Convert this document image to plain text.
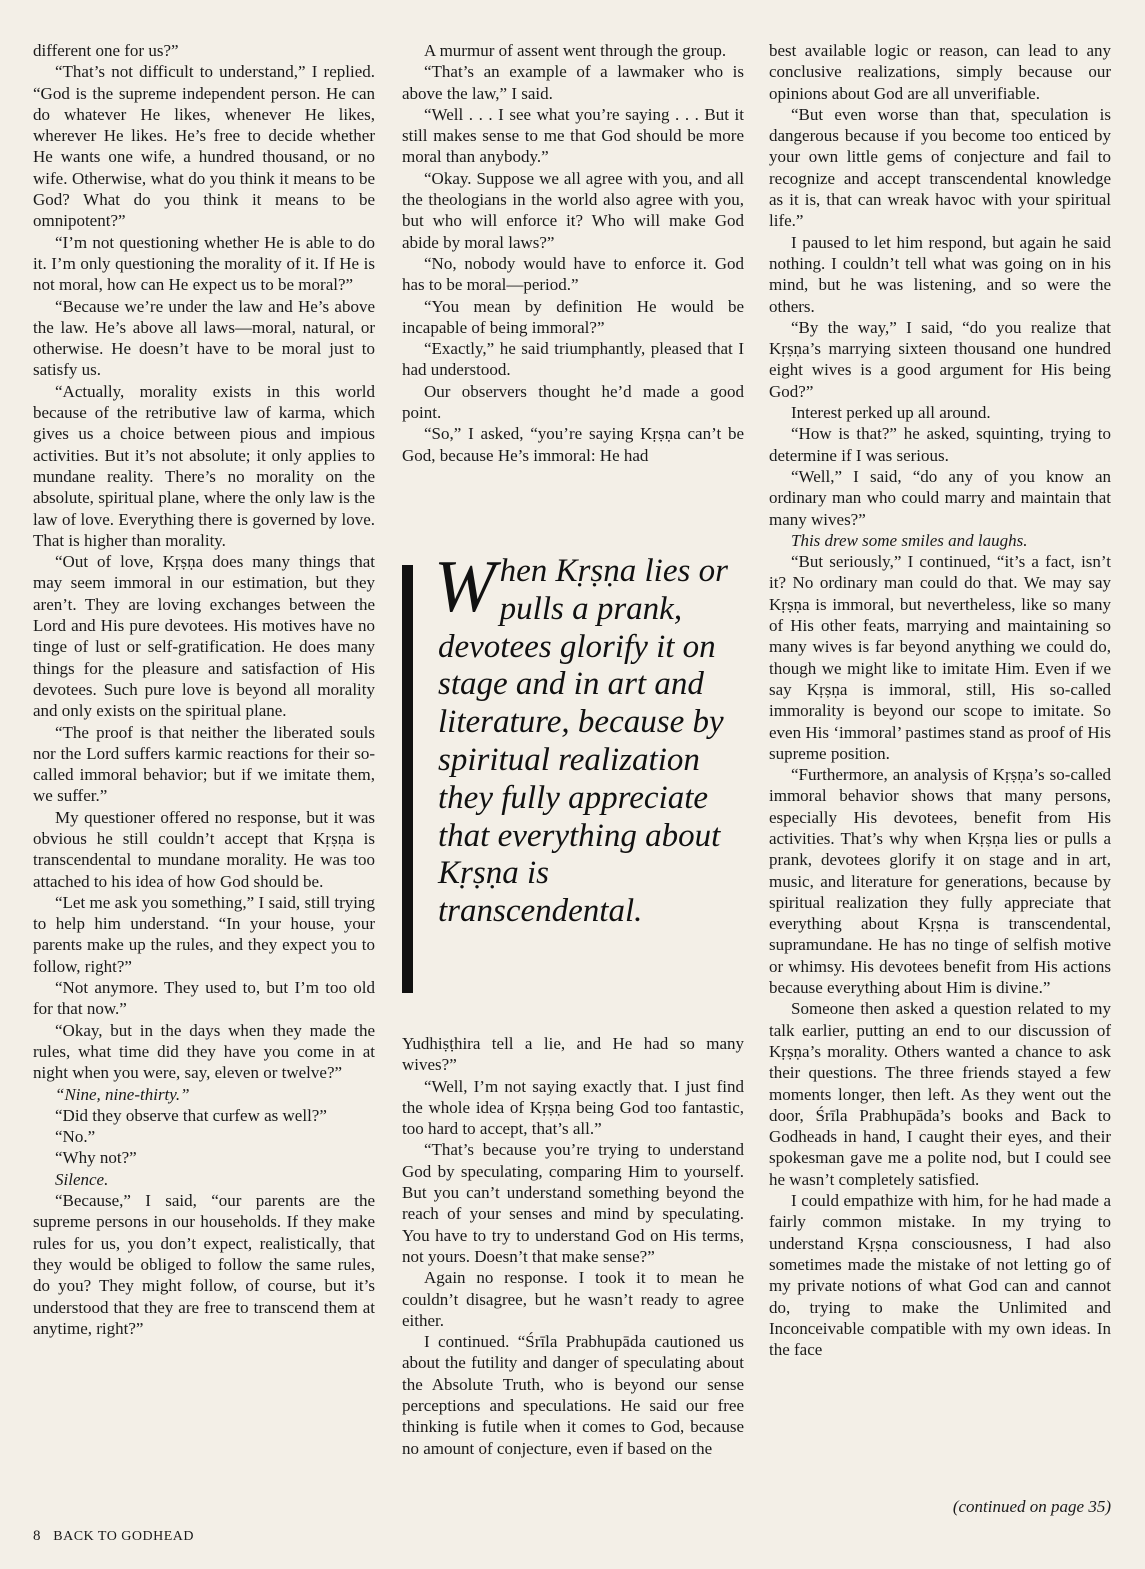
different one for us?”

“That’s not difficult to understand,” I replied. “God is the supreme independent person. He can do whatever He likes, whenever He likes, wherever He likes. He’s free to decide whether He wants one wife, a hundred thousand, or no wife. Otherwise, what do you think it means to be God? What do you think it means to be omnipotent?”

“I’m not questioning whether He is able to do it. I’m only questioning the morality of it. If He is not moral, how can He expect us to be moral?”

“Because we’re under the law and He’s above the law. He’s above all laws—moral, natural, or otherwise. He doesn’t have to be moral just to satisfy us.

“Actually, morality exists in this world because of the retributive law of karma, which gives us a choice between pious and impious activities. But it’s not absolute; it only applies to mundane reality. There’s no morality on the absolute, spiritual plane, where the only law is the law of love. Everything there is governed by love. That is higher than morality.

“Out of love, Kṛṣṇa does many things that may seem immoral in our estimation, but they aren’t. They are loving exchanges between the Lord and His pure devotees. His motives have no tinge of lust or self-gratification. He does many things for the pleasure and satisfaction of His devotees. Such pure love is beyond all morality and only exists on the spiritual plane.

“The proof is that neither the liberated souls nor the Lord suffers karmic reactions for their so-called immoral behavior; but if we imitate them, we suffer.”

My questioner offered no response, but it was obvious he still couldn’t accept that Kṛṣṇa is transcendental to mundane morality. He was too attached to his idea of how God should be.

“Let me ask you something,” I said, still trying to help him understand. “In your house, your parents make up the rules, and they expect you to follow, right?”

“Not anymore. They used to, but I’m too old for that now.”

“Okay, but in the days when they made the rules, what time did they have you come in at night when you were, say, eleven or twelve?”

“Nine, nine-thirty.”

“Did they observe that curfew as well?”

“No.”

“Why not?”

Silence.

“Because,” I said, “our parents are the supreme persons in our households. If they make rules for us, you don’t expect, realistically, that they would be obliged to follow the same rules, do you? They might follow, of course, but it’s understood that they are free to transcend them at anytime, right?”

A murmur of assent went through the group.

“That’s an example of a lawmaker who is above the law,” I said.

“Well . . . I see what you’re saying . . . But it still makes sense to me that God should be more moral than anybody.”

“Okay. Suppose we all agree with you, and all the theologians in the world also agree with you, but who will enforce it? Who will make God abide by moral laws?”

“No, nobody would have to enforce it. God has to be moral—period.”

“You mean by definition He would be incapable of being immoral?”

“Exactly,” he said triumphantly, pleased that I had understood.

Our observers thought he’d made a good point.

“So,” I asked, “you’re saying Kṛṣṇa can’t be God, because He’s immoral: He had

When Kṛṣṇa lies or pulls a prank, devotees glorify it on stage and in art and literature, because by spiritual realization they fully appreciate that everything about Kṛṣṇa is transcendental.

Yudhiṣṭhira tell a lie, and He had so many wives?”

“Well, I’m not saying exactly that. I just find the whole idea of Kṛṣṇa being God too fantastic, too hard to accept, that’s all.”

“That’s because you’re trying to understand God by speculating, comparing Him to yourself. But you can’t understand something beyond the reach of your senses and mind by speculating. You have to try to understand God on His terms, not yours. Doesn’t that make sense?”

Again no response. I took it to mean he couldn’t disagree, but he wasn’t ready to agree either.

I continued. “Śrīla Prabhupāda cautioned us about the futility and danger of speculating about the Absolute Truth, who is beyond our sense perceptions and speculations. He said our free thinking is futile when it comes to God, because no amount of conjecture, even if based on the

best available logic or reason, can lead to any conclusive realizations, simply because our opinions about God are all unverifiable.

“But even worse than that, speculation is dangerous because if you become too enticed by your own little gems of conjecture and fail to recognize and accept transcendental knowledge as it is, that can wreak havoc with your spiritual life.”

I paused to let him respond, but again he said nothing. I couldn’t tell what was going on in his mind, but he was listening, and so were the others.

“By the way,” I said, “do you realize that Kṛṣṇa’s marrying sixteen thousand one hundred eight wives is a good argument for His being God?”

Interest perked up all around.

“How is that?” he asked, squinting, trying to determine if I was serious.

“Well,” I said, “do any of you know an ordinary man who could marry and maintain that many wives?”

This drew some smiles and laughs.

“But seriously,” I continued, “it’s a fact, isn’t it? No ordinary man could do that. We may say Kṛṣṇa is immoral, but nevertheless, like so many of His other feats, marrying and maintaining so many wives is far beyond anything we could do, though we might like to imitate Him. Even if we say Kṛṣṇa is immoral, still, His so-called immorality is beyond our scope to imitate. So even His ‘immoral’ pastimes stand as proof of His supreme position.

“Furthermore, an analysis of Kṛṣṇa’s so-called immoral behavior shows that many persons, especially His devotees, benefit from His activities. That’s why when Kṛṣṇa lies or pulls a prank, devotees glorify it on stage and in art, music, and literature for generations, because by spiritual realization they fully appreciate that everything about Kṛṣṇa is transcendental, supramundane. He has no tinge of selfish motive or whimsy. His devotees benefit from His actions because everything about Him is divine.”

Someone then asked a question related to my talk earlier, putting an end to our discussion of Kṛṣṇa’s morality. Others wanted a chance to ask their questions. The three friends stayed a few moments longer, then left. As they went out the door, Śrīla Prabhupāda’s books and Back to Godheads in hand, I caught their eyes, and their spokesman gave me a polite nod, but I could see he wasn’t completely satisfied.

I could empathize with him, for he had made a fairly common mistake. In my trying to understand Kṛṣṇa consciousness, I had also sometimes made the mistake of not letting go of my private notions of what God can and cannot do, trying to make the Unlimited and Inconceivable compatible with my own ideas. In the face

(continued on page 35)
8 BACK TO GODHEAD
